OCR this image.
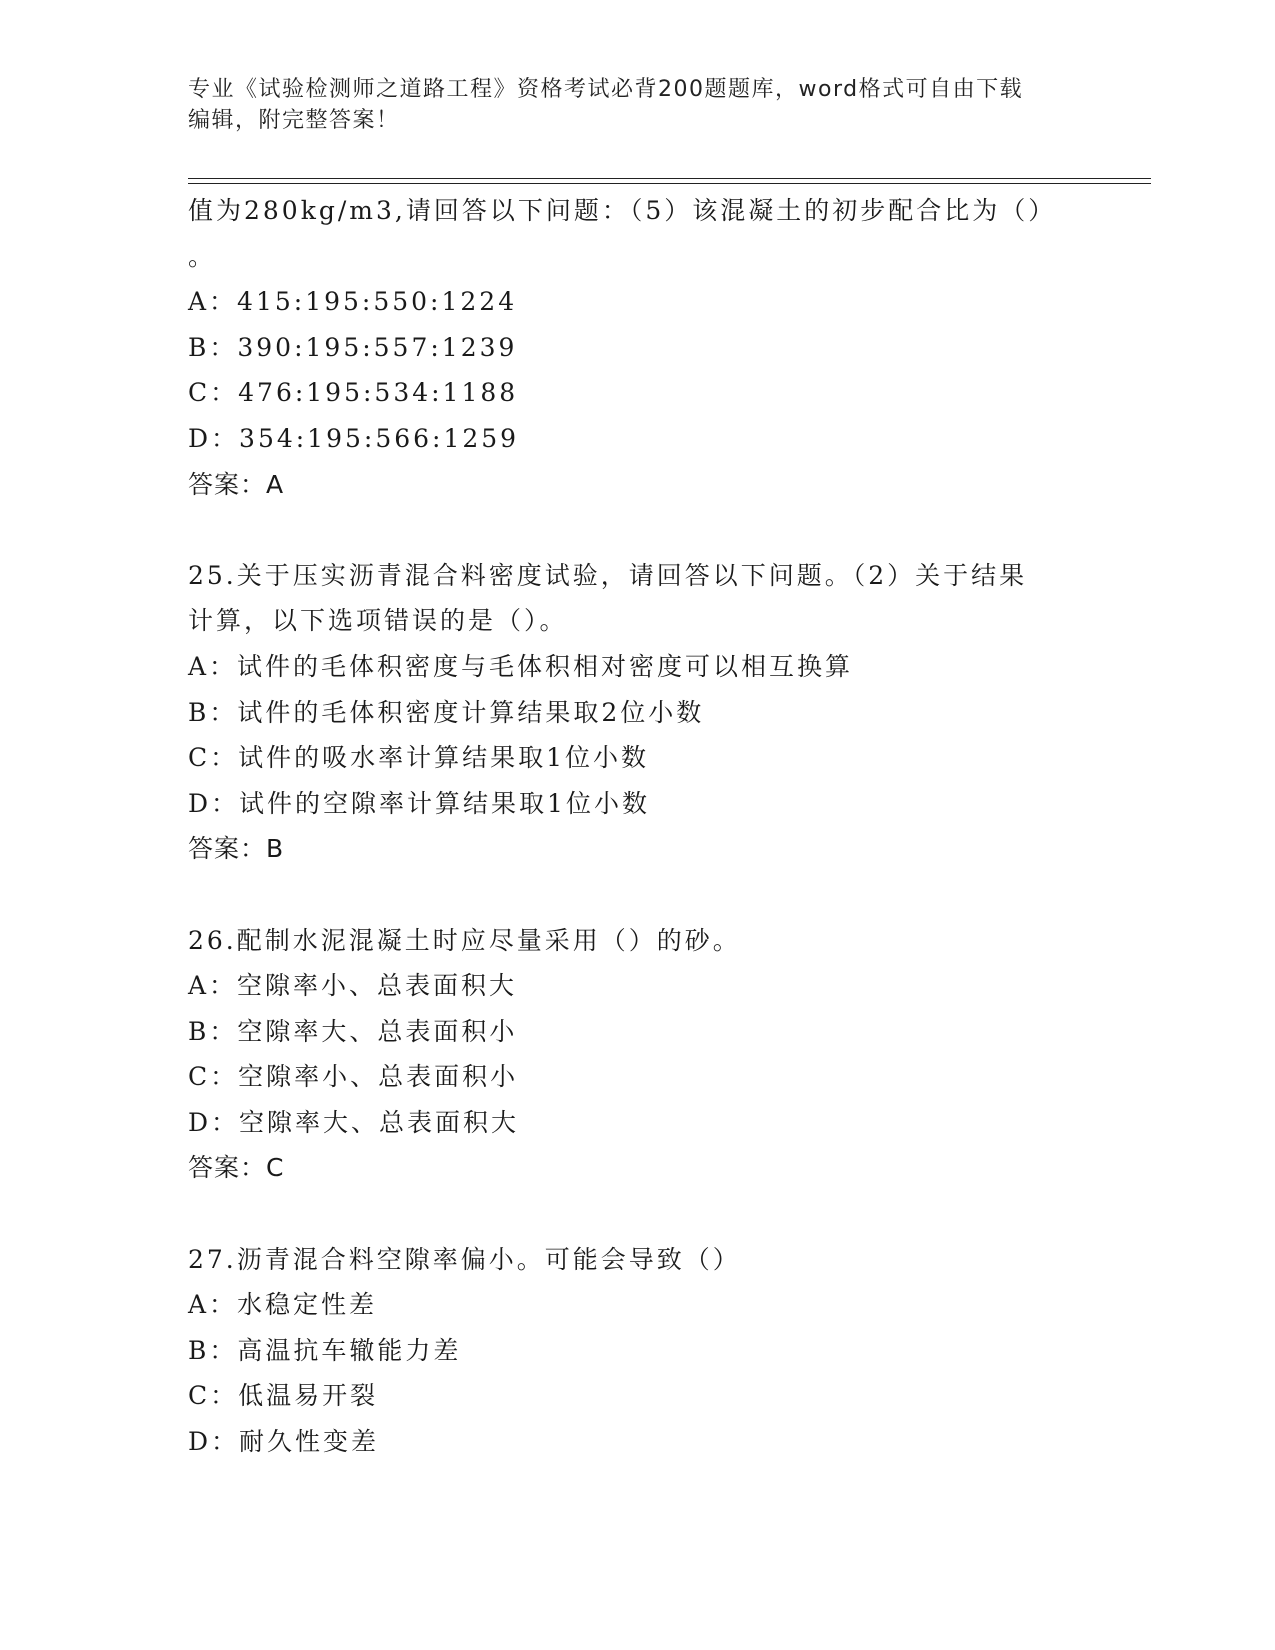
专业《试验检测师之道路工程》资格考试必背200题题库，word格式可自由下载
编辑，附完整答案！
值为280kg/m3,请回答以下问题：（5）该混凝土的初步配合比为（）
。
A：415:195:550:1224
B：390:195:557:1239
C：476:195:534:1188
D：354:195:566:1259
答案：A
25.关于压实沥青混合料密度试验，请回答以下问题。（2）关于结果
计算，以下选项错误的是（）。
A：试件的毛体积密度与毛体积相对密度可以相互换算
B：试件的毛体积密度计算结果取2位小数
C：试件的吸水率计算结果取1位小数
D：试件的空隙率计算结果取1位小数
答案：B
26.配制水泥混凝土时应尽量采用（）的砂。
A：空隙率小、总表面积大
B：空隙率大、总表面积小
C：空隙率小、总表面积小
D：空隙率大、总表面积大
答案：C
27.沥青混合料空隙率偏小。可能会导致（）
A：水稳定性差
B：高温抗车辙能力差
C：低温易开裂
D：耐久性变差
